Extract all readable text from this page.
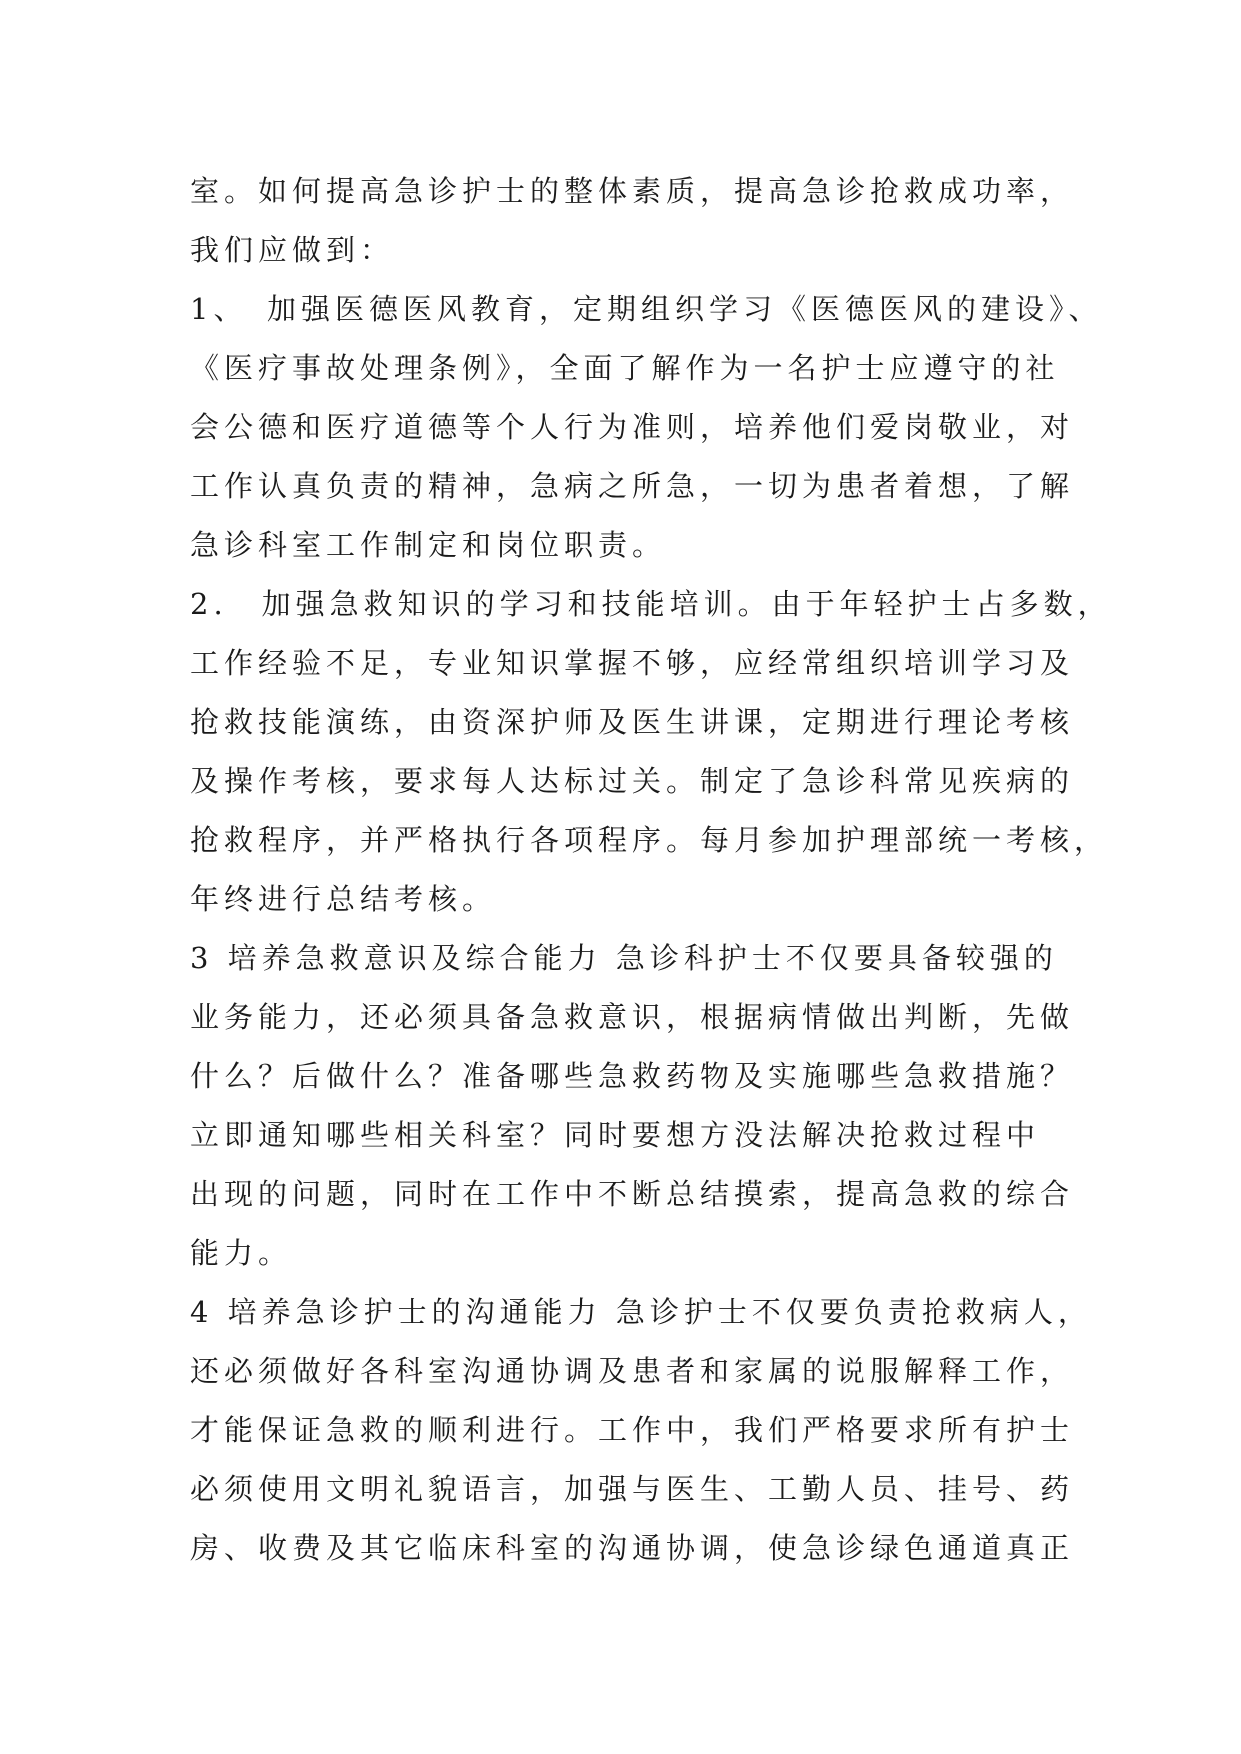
室。如何提高急诊护士的整体素质，提高急诊抢救成功率，
我们应做到：
1、　加强医德医风教育，定期组织学习《医德医风的建设》、
《医疗事故处理条例》，全面了解作为一名护士应遵守的社
会公德和医疗道德等个人行为准则，培养他们爱岗敬业，对
工作认真负责的精神，急病之所急，一切为患者着想，了解
急诊科室工作制定和岗位职责。
2.　加强急救知识的学习和技能培训。由于年轻护士占多数，
工作经验不足，专业知识掌握不够，应经常组织培训学习及
抢救技能演练，由资深护师及医生讲课，定期进行理论考核
及操作考核，要求每人达标过关。制定了急诊科常见疾病的
抢救程序，并严格执行各项程序。每月参加护理部统一考核，
年终进行总结考核。
3 培养急救意识及综合能力 急诊科护士不仅要具备较强的
业务能力，还必须具备急救意识，根据病情做出判断，先做
什么？后做什么？准备哪些急救药物及实施哪些急救措施？
立即通知哪些相关科室？同时要想方没法解决抢救过程中
出现的问题，同时在工作中不断总结摸索，提高急救的综合
能力。
4 培养急诊护士的沟通能力 急诊护士不仅要负责抢救病人，
还必须做好各科室沟通协调及患者和家属的说服解释工作，
才能保证急救的顺利进行。工作中，我们严格要求所有护士
必须使用文明礼貌语言，加强与医生、工勤人员、挂号、药
房、收费及其它临床科室的沟通协调，使急诊绿色通道真正
